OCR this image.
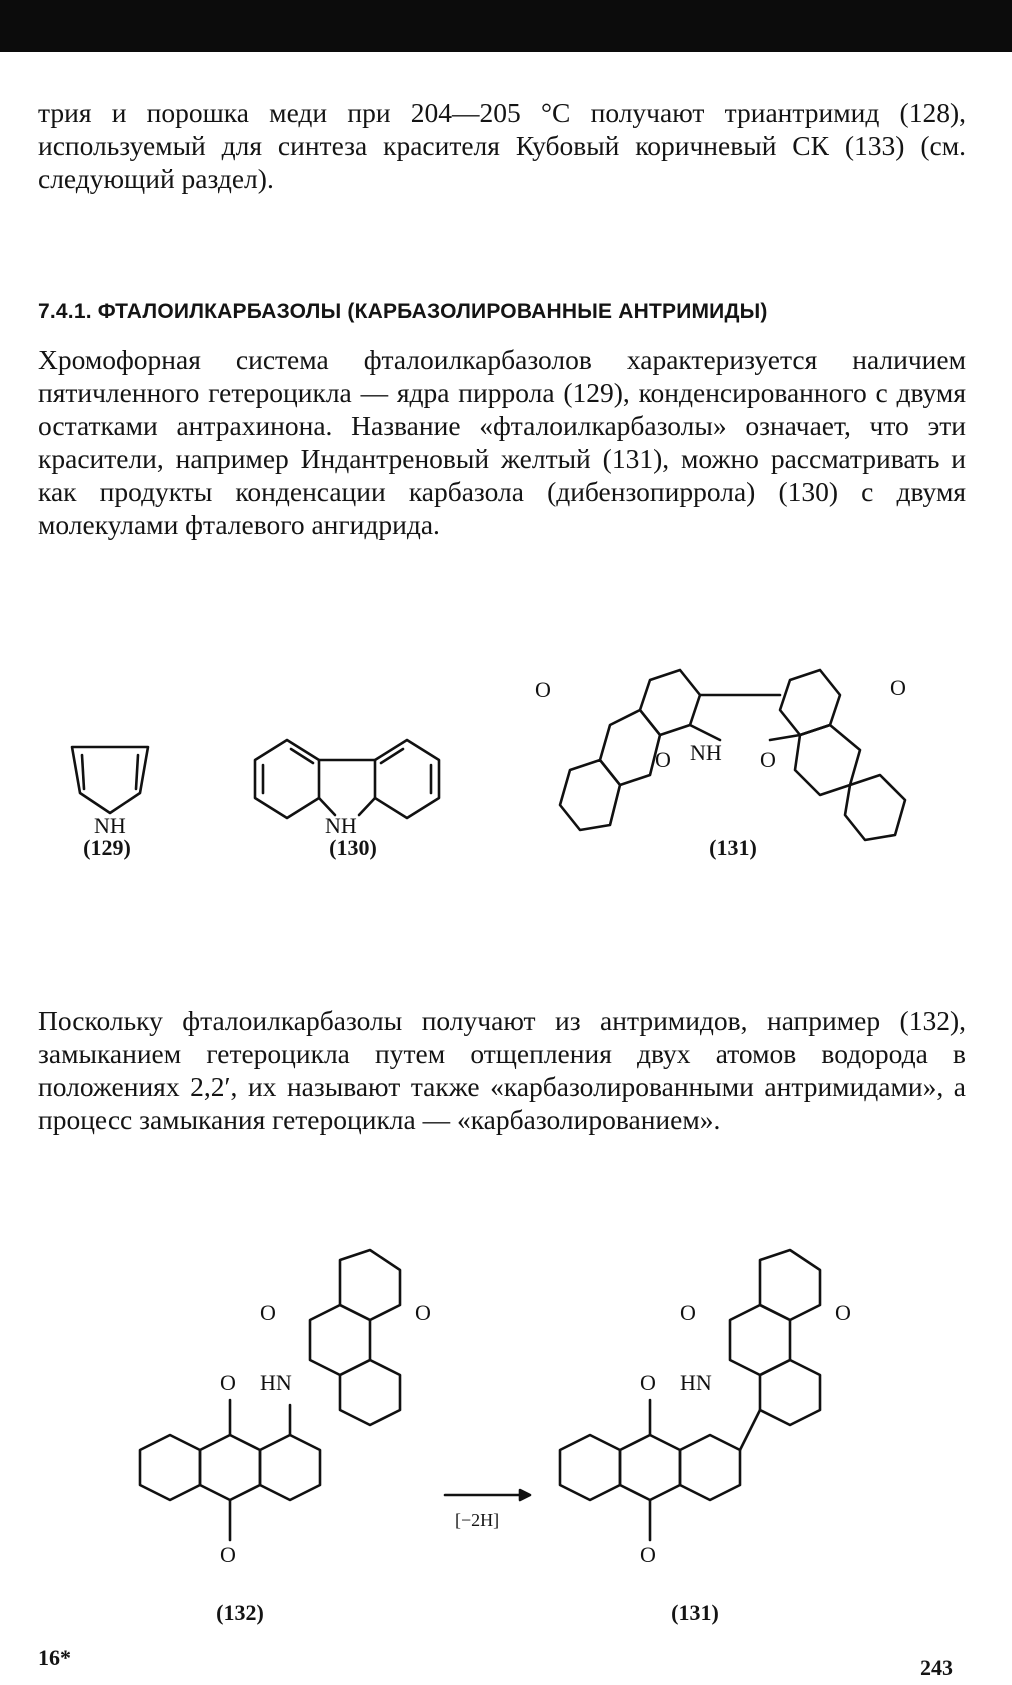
трия и порошка меди при 204—205 °С получают триантримид (128), используемый для синтеза красителя Кубовый коричневый СК (133) (см. следующий раздел).

7.4.1. ФТАЛОИЛКАРБАЗОЛЫ (КАРБАЗОЛИРОВАННЫЕ АНТРИМИДЫ)

Хромофорная система фталоилкарбазолов характеризуется наличием пятичленного гетероцикла — ядра пиррола (129), конденсированного с двумя остатками антрахинона. Название «фталоилкарбазолы» означает, что эти красители, например Индантреновый желтый (131), можно рассматривать и как продукты конденсации карбазола (дибензопиррола) (130) с двумя молекулами фталевого ангидрида.

NH
(129)
NH
(130)
O	O
O	O
NH
(131)

Поскольку фталоилкарбазолы получают из антримидов, например (132), замыканием гетероцикла путем отщепления двух атомов водорода в положениях 2,2′, их называют также «карбазолированными антримидами», а процесс замыкания гетероцикла — «карбазолированием».

O	O
O
O
HN
(132)
[−2H]
O	O
O
O
HN
(131)
16*	243
